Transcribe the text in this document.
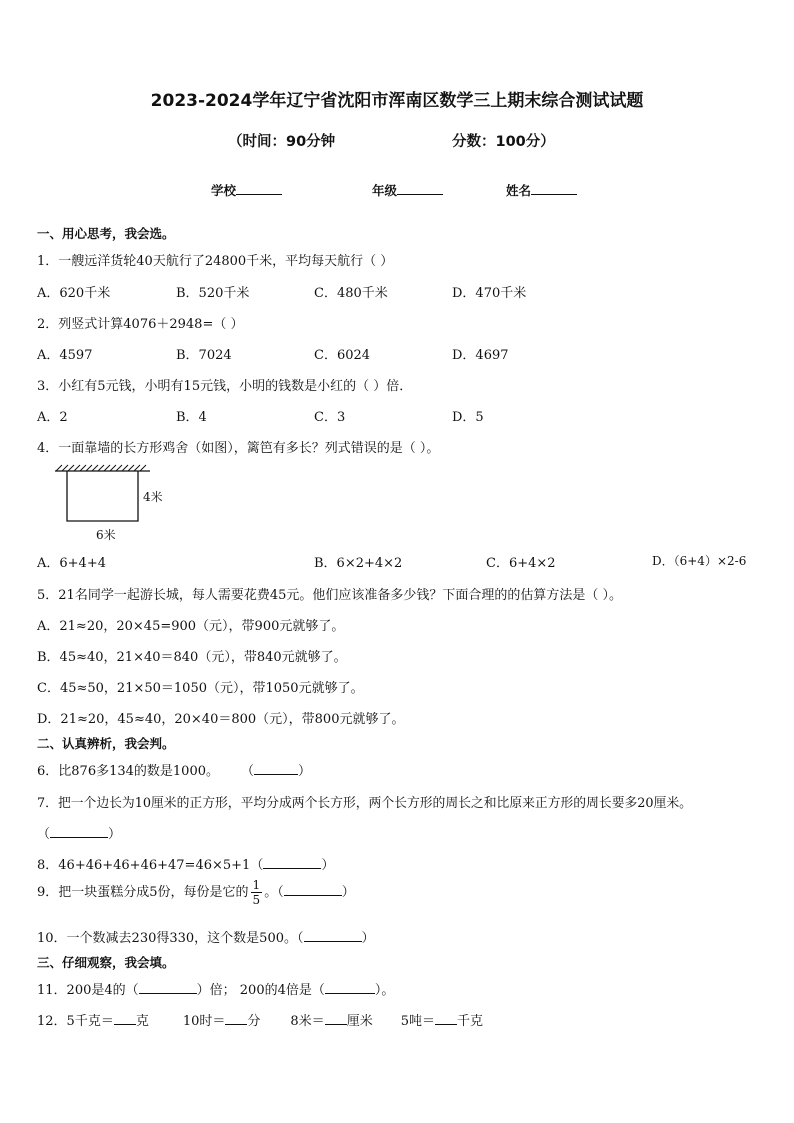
2023-2024学年辽宁省沈阳市浑南区数学三上期末综合测试试题
（时间：90分钟	分数：100分）
学校	年级	姓名
一、用心思考，我会选。
1．一艘远洋货轮40天航行了24800千米，平均每天航行（ ）
A．620千米	B．520千米	C．480千米	D．470千米
2．列竖式计算4076＋2948=（ ）
A．4597	B．7024	C．6024	D．4697
3．小红有5元钱，小明有15元钱，小明的钱数是小红的（ ）倍．
A．2	B．4	C．3	D．5
4．一面靠墙的长方形鸡舍（如图），篱笆有多长？列式错误的是（ ）。
4米
6米
A．6+4+4	B．6×2+4×2	C．6+4×2	D．（6+4）×2-6
5．21名同学一起游长城，每人需要花费45元。他们应该准备多少钱？下面合理的的估算方法是（ ）。
A．21≈20，20×45=900（元），带900元就够了。
B．45≈40，21×40＝840（元），带840元就够了。
C．45≈50，21×50＝1050（元），带1050元就够了。
D．21≈20，45≈40，20×40＝800（元），带800元就够了。
二、认真辨析，我会判。
6．比876多134的数是1000。 （	）
7．把一个边长为10厘米的正方形，平均分成两个长方形，两个长方形的周长之和比原来正方形的周长要多20厘米。
（	）
8．46+46+46+46+47=46×5+1（	）
9．把一块蛋糕分成5份，每份是它的 $\frac{1}{5}$ 。（	）
10．一个数减去230得330，这个数是500。（	）
三、仔细观察，我会填。
11．200是4的（	）倍； 200的4倍是（	）。
12．5千克＝ 克	10时＝ 分 8米＝ 厘米 5吨＝ 千克
